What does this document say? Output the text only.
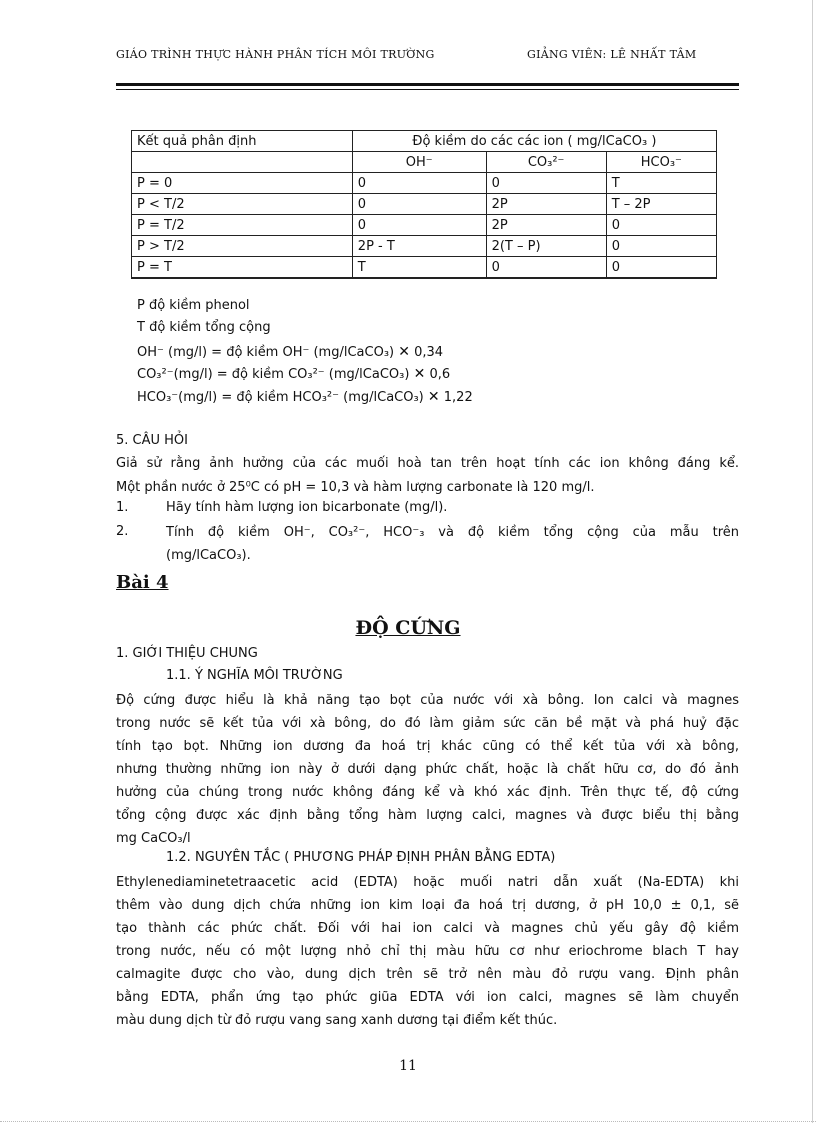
GIÁO TRÌNH THỰC HÀNH PHÂN TÍCH MÔI TRƯỜNG	GIẢNG VIÊN: LÊ NHẤT TÂM
Kết quả phân định	Độ kiềm do các các ion ( mg/lCaCO₃ )		
	OH⁻	CO₃²⁻	HCO₃⁻
P = 0	0	0	T
P < T/2	0	2P	T – 2P
P = T/2	0	2P	0
P > T/2	2P - T	2(T – P)	0
P = T	T	0	0
P độ kiềm phenol
T độ kiềm tổng cộng
OH⁻ (mg/l) = độ kiềm OH⁻ (mg/lCaCO₃) ✕ 0,34
CO₃²⁻(mg/l) = độ kiềm CO₃²⁻ (mg/lCaCO₃) ✕ 0,6
HCO₃⁻(mg/l) = độ kiềm HCO₃²⁻ (mg/lCaCO₃) ✕ 1,22
5. CÂU HỎI
Giả sử rằng ảnh hưởng của các muối hoà tan trên hoạt tính các ion không đáng kể.
Một phần nước ở 25⁰C có pH = 10,3 và hàm lượng carbonate là 120 mg/l.
1.	Hãy tính hàm lượng ion bicarbonate (mg/l).
2.	Tính độ kiềm OH⁻, CO₃²⁻, HCO⁻₃ và độ kiềm tổng cộng của mẫu trên
(mg/lCaCO₃).
Bài 4
ĐỘ CỨNG
1. GIỚI THIỆU CHUNG
1.1. Ý NGHĨA MÔI TRƯỜNG
Độ cứng được hiểu là khả năng tạo bọt của nước với xà bông. Ion calci và magnes
trong nước sẽ kết tủa với xà bông, do đó làm giảm sức căn bề mặt và phá huỷ đặc
tính tạo bọt. Những ion dương đa hoá trị khác cũng có thể kết tủa với xà bông,
nhưng thường những ion này ở dưới dạng phức chất, hoặc là chất hữu cơ, do đó ảnh
hưởng của chúng trong nước không đáng kể và khó xác định. Trên thực tế, độ cứng
tổng cộng được xác định bằng tổng hàm lượng calci, magnes và được biểu thị bằng
mg CaCO₃/l
1.2. NGUYÊN TẮC ( PHƯƠNG PHÁP ĐỊNH PHÂN BẰNG EDTA)
Ethylenediaminetetraacetic acid (EDTA) hoặc muối natri dẫn xuất (Na-EDTA) khi
thêm vào dung dịch chứa những ion kim loại đa hoá trị dương, ở pH 10,0 ± 0,1, sẽ
tạo thành các phức chất. Đối với hai ion calci và magnes chủ yếu gây độ kiềm
trong nước, nếu có một lượng nhỏ chỉ thị màu hữu cơ như eriochrome blach T hay
calmagite được cho vào, dung dịch trên sẽ trở nên màu đỏ rượu vang. Định phân
bằng EDTA, phẩn ứng tạo phức giũa EDTA với ion calci, magnes sẽ làm chuyển
màu dung dịch từ đỏ rượu vang sang xanh dương tại điểm kết thúc.
11
